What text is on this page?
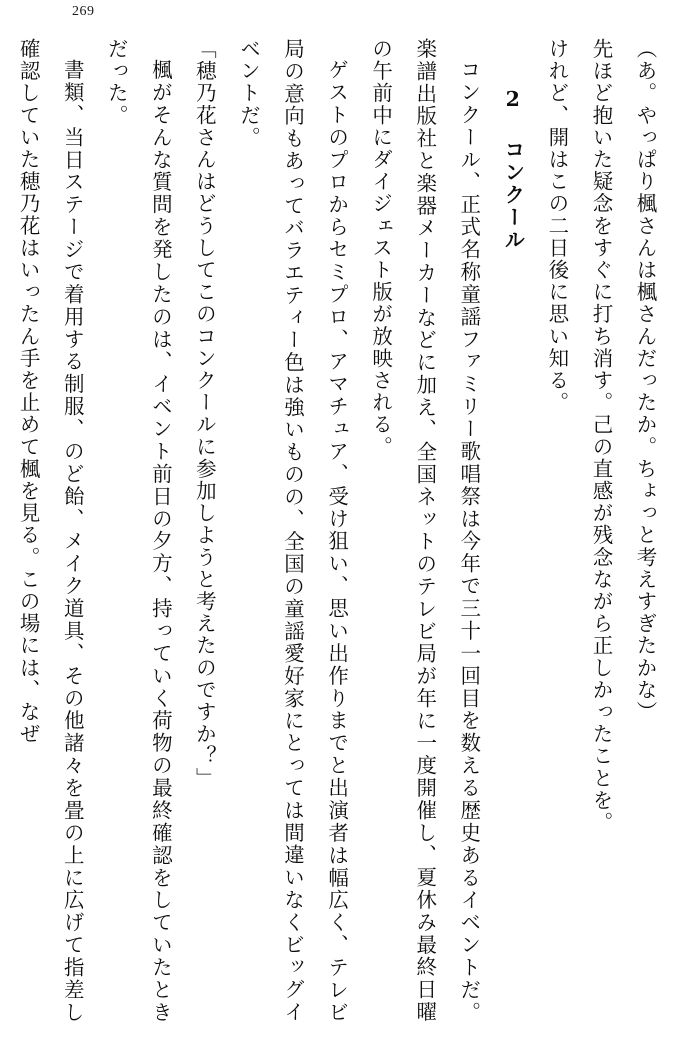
269

（あ。やっぱり楓さんは楓さんだったか。ちょっと考えすぎたかな）

先ほど抱いた疑念をすぐに打ち消す。己の直感が残念ながら正しかったことを。

けれど、開はこの二日後に思い知る。

2 コンクール

コンクール、正式名称童謡ファミリー歌唱祭は今年で三十一回目を数える歴史あるイベントだ。楽譜出版社と楽器メーカーなどに加え、全国ネットのテレビ局が年に一度開催し、夏休み最終日曜の午前中にダイジェスト版が放映される。

ゲストのプロからセミプロ、アマチュア、受け狙い、思い出作りまでと出演者は幅広く、テレビ局の意向もあってバラエティー色は強いものの、全国の童謡愛好家にとっては間違いなくビッグイベントだ。

「穂乃花さんはどうしてこのコンクールに参加しようと考えたのですか？」

楓がそんな質問を発したのは、イベント前日の夕方、持っていく荷物の最終確認をしていたときだった。

書類、当日ステージで着用する制服、のど飴、メイク道具、その他諸々を畳の上に広げて指差し確認していた穂乃花はいったん手を止めて楓を見る。この場には、なぜ
